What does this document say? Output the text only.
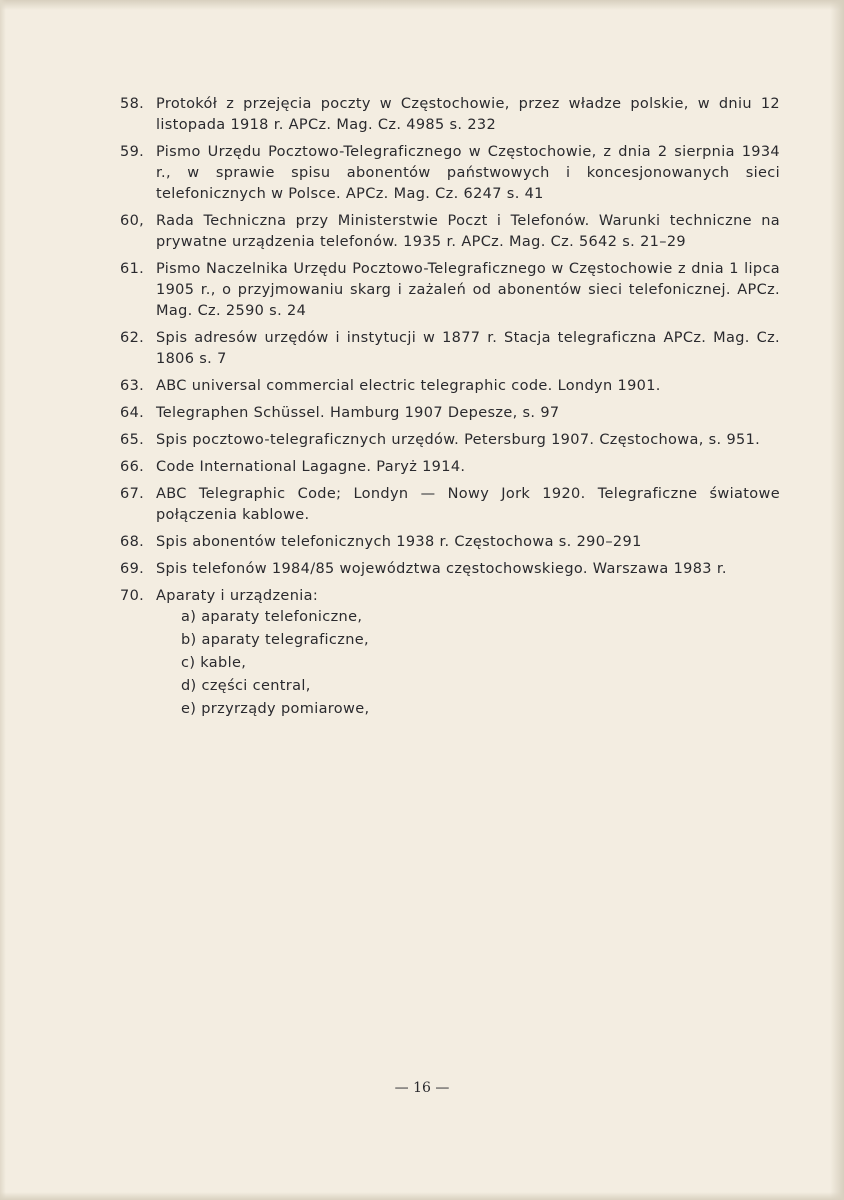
58. Protokół z przejęcia poczty w Częstochowie, przez władze polskie, w dniu 12 listopada 1918 r. APCz. Mag. Cz. 4985 s. 232
59. Pismo Urzędu Pocztowo-Telegraficznego w Częstochowie, z dnia 2 sierpnia 1934 r., w sprawie spisu abonentów państwowych i koncesjonowanych sieci telefonicznych w Polsce. APCz. Mag. Cz. 6247 s. 41
60, Rada Techniczna przy Ministerstwie Poczt i Telefonów. Warunki techniczne na prywatne urządzenia telefonów. 1935 r. APCz. Mag. Cz. 5642 s. 21–29
61. Pismo Naczelnika Urzędu Pocztowo-Telegraficznego w Częstochowie z dnia 1 lipca 1905 r., o przyjmowaniu skarg i zażaleń od abonentów sieci telefonicznej. APCz. Mag. Cz. 2590 s. 24
62. Spis adresów urzędów i instytucji w 1877 r. Stacja telegraficzna APCz. Mag. Cz. 1806 s. 7
63. ABC universal commercial electric telegraphic code. Londyn 1901.
64. Telegraphen Schüssel. Hamburg 1907 Depesze, s. 97
65. Spis pocztowo-telegraficznych urzędów. Petersburg 1907. Częstochowa, s. 951.
66. Code International Lagagne. Paryż 1914.
67. ABC Telegraphic Code; Londyn — Nowy Jork 1920. Telegraficzne światowe połączenia kablowe.
68. Spis abonentów telefonicznych 1938 r. Częstochowa s. 290–291
69. Spis telefonów 1984/85 województwa częstochowskiego. Warszawa 1983 r.
70. Aparaty i urządzenia:
a) aparaty telefoniczne,
b) aparaty telegraficzne,
c) kable,
d) części central,
e) przyrządy pomiarowe,
— 16 —
